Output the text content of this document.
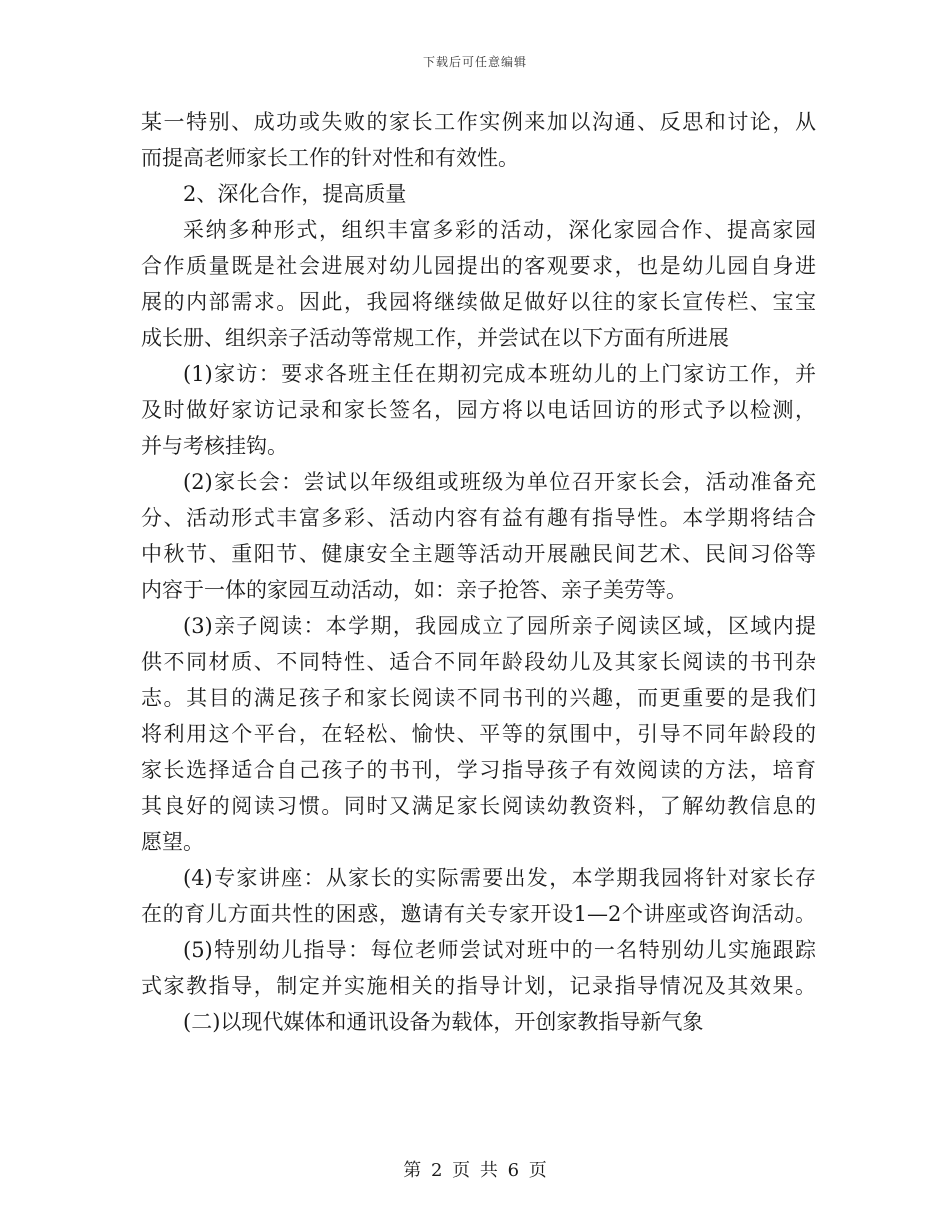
下载后可任意编辑
某一特别、成功或失败的家长工作实例来加以沟通、反思和讨论，从
而提高老师家长工作的针对性和有效性。
2、深化合作，提高质量
采纳多种形式，组织丰富多彩的活动，深化家园合作、提高家园
合作质量既是社会进展对幼儿园提出的客观要求，也是幼儿园自身进
展的内部需求。因此，我园将继续做足做好以往的家长宣传栏、宝宝
成长册、组织亲子活动等常规工作，并尝试在以下方面有所进展
(1)家访：要求各班主任在期初完成本班幼儿的上门家访工作，并
及时做好家访记录和家长签名，园方将以电话回访的形式予以检测，
并与考核挂钩。
(2)家长会：尝试以年级组或班级为单位召开家长会，活动准备充
分、活动形式丰富多彩、活动内容有益有趣有指导性。本学期将结合
中秋节、重阳节、健康安全主题等活动开展融民间艺术、民间习俗等
内容于一体的家园互动活动，如：亲子抢答、亲子美劳等。
(3)亲子阅读：本学期，我园成立了园所亲子阅读区域，区域内提
供不同材质、不同特性、适合不同年龄段幼儿及其家长阅读的书刊杂
志。其目的满足孩子和家长阅读不同书刊的兴趣，而更重要的是我们
将利用这个平台，在轻松、愉快、平等的氛围中，引导不同年龄段的
家长选择适合自己孩子的书刊，学习指导孩子有效阅读的方法，培育
其良好的阅读习惯。同时又满足家长阅读幼教资料，了解幼教信息的
愿望。
(4)专家讲座：从家长的实际需要出发，本学期我园将针对家长存
在的育儿方面共性的困惑，邀请有关专家开设1—2个讲座或咨询活动。
(5)特别幼儿指导：每位老师尝试对班中的一名特别幼儿实施跟踪
式家教指导，制定并实施相关的指导计划，记录指导情况及其效果。
(二)以现代媒体和通讯设备为载体，开创家教指导新气象
第 2 页 共 6 页
